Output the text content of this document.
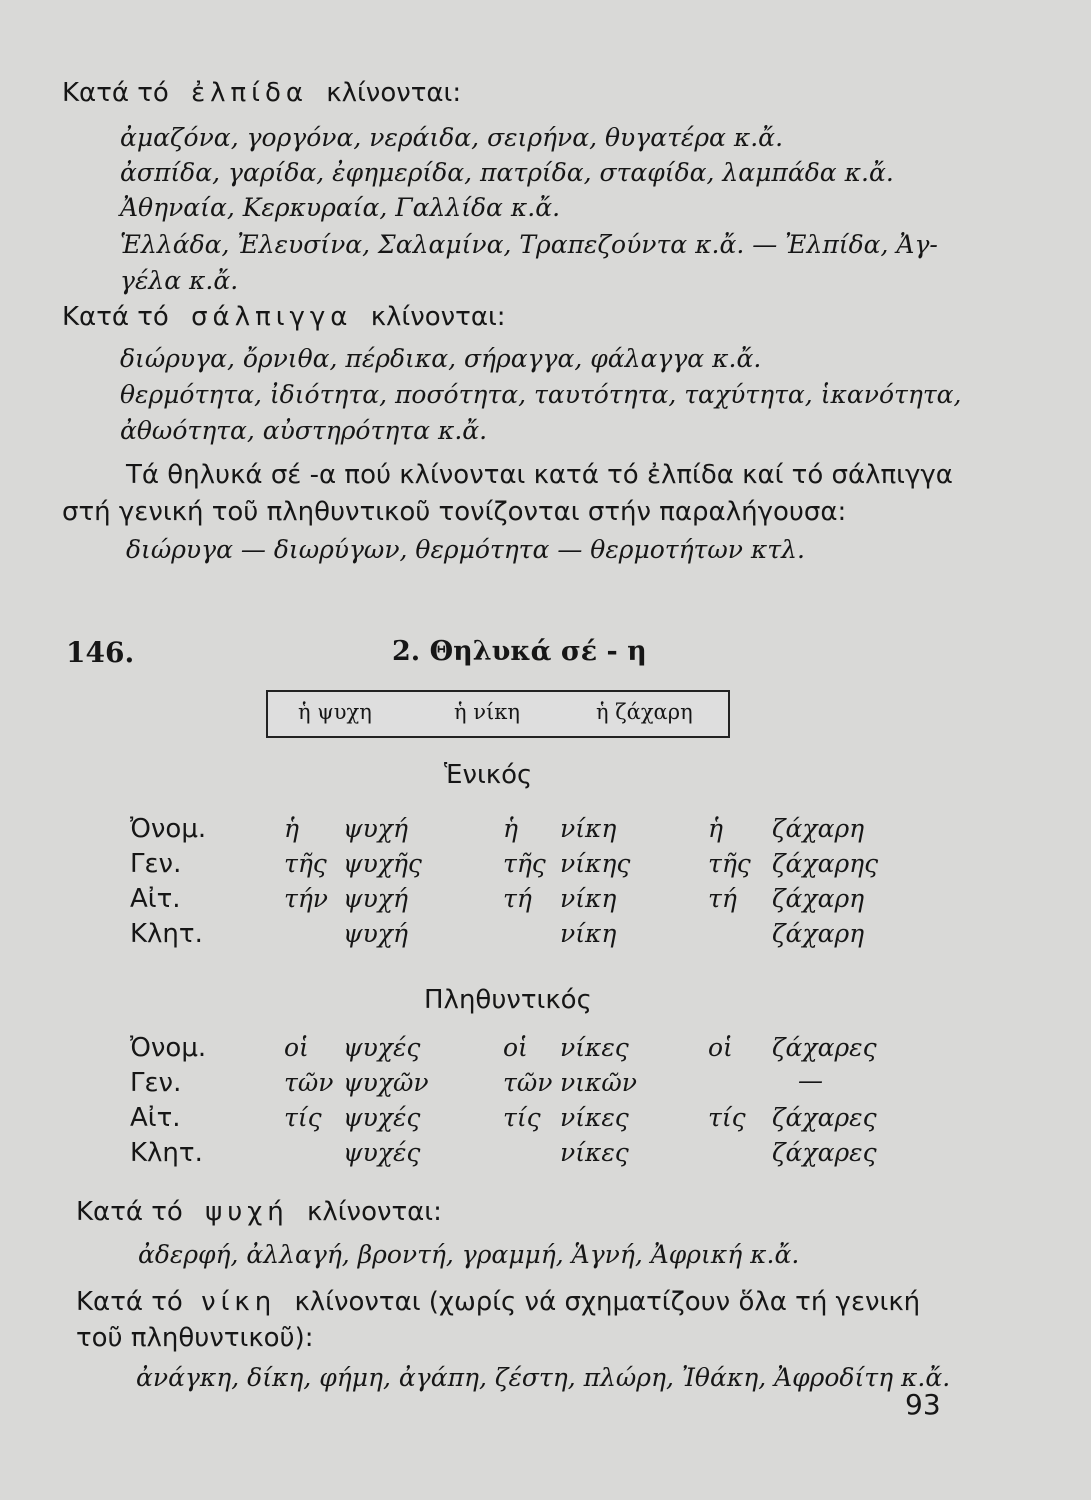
Κατά τό ἐλπίδα κλίνονται:
ἀμαζόνα, γοργόνα, νεράιδα, σειρήνα, θυγατέρα κ.ἄ.
ἀσπίδα, γαρίδα, ἐφημερίδα, πατρίδα, σταφίδα, λαμπάδα κ.ἄ.
Ἀθηναία, Κερκυραία, Γαλλίδα κ.ἄ.
Ἑλλάδα, Ἐλευσίνα, Σαλαμίνα, Τραπεζούντα κ.ἄ. — Ἐλπίδα, Ἀγ-
γέλα κ.ἄ.
Κατά τό σάλπιγγα κλίνονται:
διώρυγα, ὄρνιθα, πέρδικα, σήραγγα, φάλαγγα κ.ἄ.
θερμότητα, ἰδιότητα, ποσότητα, ταυτότητα, ταχύτητα, ἱκανότητα,
ἀθωότητα, αὐστηρότητα κ.ἄ.
Τά θηλυκά σέ -α πού κλίνονται κατά τό ἐλπίδα καί τό σάλπιγγα
στή γενική τοῦ πληθυντικοῦ τονίζονται στήν παραλήγουσα:
διώρυγα — διωρύγων, θερμότητα — θερμοτήτων κτλ.
146.	2. Θηλυκά σέ - η
ἡ ψυχη	ἡ νίκη	ἡ ζάχαρη
Ἑνικός
Ὀνομ.	ἡ ψυχή	ἡ νίκη	ἡ ζάχαρη
Γεν.	τῆς ψυχῆς	τῆς νίκης	τῆς ζάχαρης
Αἰτ.	τήν ψυχή	τή νίκη	τή ζάχαρη
Κλητ.	ψυχή	νίκη	ζάχαρη
Πληθυντικός
Ὀνομ.	οἱ ψυχές	οἱ νίκες	οἱ ζάχαρες
Γεν.	τῶν ψυχῶν	τῶν νικῶν	—
Αἰτ.	τίς ψυχές	τίς νίκες	τίς ζάχαρες
Κλητ.	ψυχές	νίκες	ζάχαρες
Κατά τό ψυχή κλίνονται:
ἀδερφή, ἀλλαγή, βροντή, γραμμή, Ἁγνή, Ἀφρική κ.ἄ.
Κατά τό νίκη κλίνονται (χωρίς νά σχηματίζουν ὅλα τή γενική
τοῦ πληθυντικοῦ):
ἀνάγκη, δίκη, φήμη, ἀγάπη, ζέστη, πλώρη, Ἰθάκη, Ἀφροδίτη κ.ἄ.
93
